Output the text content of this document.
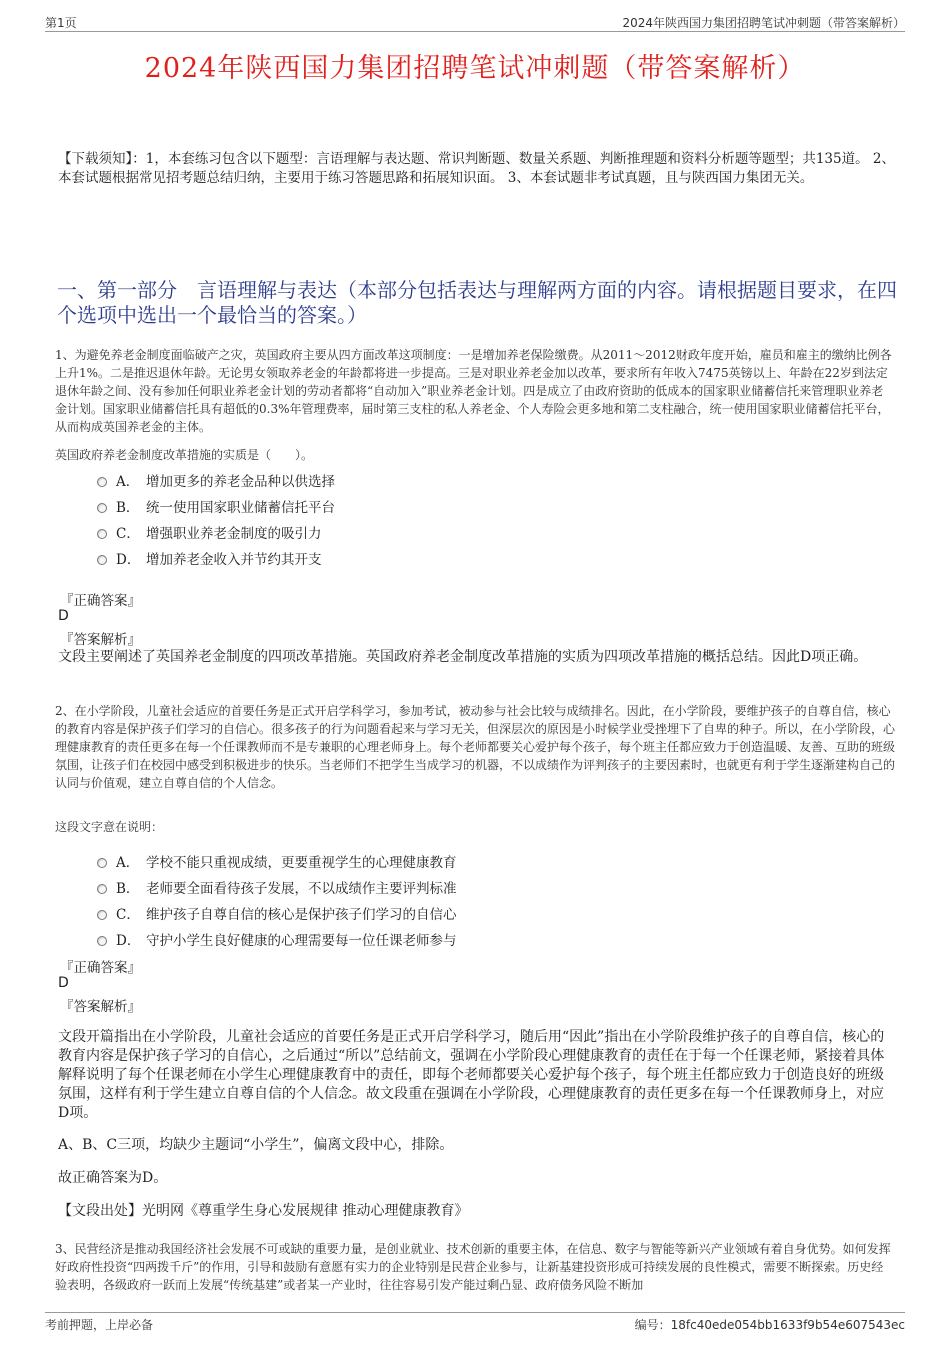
第1页	2024年陕西国力集团招聘笔试冲刺题（带答案解析）
2024年陕西国力集团招聘笔试冲刺题（带答案解析）
【下载须知】：1，本套练习包含以下题型：言语理解与表达题、常识判断题、数量关系题、判断推理题和资料分析题等题型；共135道。 2、本套试题根据常见招考题总结归纳，主要用于练习答题思路和拓展知识面。 3、本套试题非考试真题，且与陕西国力集团无关。
一、第一部分　言语理解与表达（本部分包括表达与理解两方面的内容。请根据题目要求，在四个选项中选出一个最恰当的答案。）
1、为避免养老金制度面临破产之灾，英国政府主要从四方面改革这项制度：一是增加养老保险缴费。从2011～2012财政年度开始，雇员和雇主的缴纳比例各上升1%。二是推迟退休年龄。无论男女领取养老金的年龄都将进一步提高。三是对职业养老金加以改革，要求所有年收入7475英镑以上、年龄在22岁到法定退休年龄之间、没有参加任何职业养老金计划的劳动者都将“自动加入”职业养老金计划。四是成立了由政府资助的低成本的国家职业储蓄信托来管理职业养老金计划。国家职业储蓄信托具有超低的0.3%年管理费率，届时第三支柱的私人养老金、个人寿险会更多地和第二支柱融合，统一使用国家职业储蓄信托平台，从而构成英国养老金的主体。
英国政府养老金制度改革措施的实质是（　　）。
A． 增加更多的养老金品种以供选择
B． 统一使用国家职业储蓄信托平台
C． 增强职业养老金制度的吸引力
D． 增加养老金收入并节约其开支
『正确答案』
D
『答案解析』
文段主要阐述了英国养老金制度的四项改革措施。英国政府养老金制度改革措施的实质为四项改革措施的概括总结。因此D项正确。
2、在小学阶段，儿童社会适应的首要任务是正式开启学科学习，参加考试，被动参与社会比较与成绩排名。因此，在小学阶段，要维护孩子的自尊自信，核心的教育内容是保护孩子们学习的自信心。很多孩子的行为问题看起来与学习无关，但深层次的原因是小时候学业受挫埋下了自卑的种子。所以，在小学阶段，心理健康教育的责任更多在每一个任课教师而不是专兼职的心理老师身上。每个老师都要关心爱护每个孩子，每个班主任都应致力于创造温暖、友善、互助的班级氛围，让孩子们在校园中感受到积极进步的快乐。当老师们不把学生当成学习的机器，不以成绩作为评判孩子的主要因素时，也就更有利于学生逐渐建构自己的认同与价值观，建立自尊自信的个人信念。
这段文字意在说明：
A． 学校不能只重视成绩，更要重视学生的心理健康教育
B． 老师要全面看待孩子发展，不以成绩作主要评判标准
C． 维护孩子自尊自信的核心是保护孩子们学习的自信心
D． 守护小学生良好健康的心理需要每一位任课老师参与
『正确答案』
D
『答案解析』
文段开篇指出在小学阶段，儿童社会适应的首要任务是正式开启学科学习，随后用“因此”指出在小学阶段维护孩子的自尊自信，核心的教育内容是保护孩子学习的自信心，之后通过“所以”总结前文，强调在小学阶段心理健康教育的责任在于每一个任课老师，紧接着具体解释说明了每个任课老师在小学生心理健康教育中的责任，即每个老师都要关心爱护每个孩子，每个班主任都应致力于创造良好的班级氛围，这样有利于学生建立自尊自信的个人信念。故文段重在强调在小学阶段，心理健康教育的责任更多在每一个任课教师身上，对应D项。
A、B、C三项，均缺少主题词“小学生”，偏离文段中心，排除。
故正确答案为D。
【文段出处】光明网《尊重学生身心发展规律 推动心理健康教育》
3、民营经济是推动我国经济社会发展不可或缺的重要力量，是创业就业、技术创新的重要主体，在信息、数字与智能等新兴产业领域有着自身优势。如何发挥好政府性投资“四两拨千斤”的作用，引导和鼓励有意愿有实力的企业特别是民营企业参与，让新基建投资形成可持续发展的良性模式，需要不断探索。历史经验表明，各级政府一跃而上发展“传统基建”或者某一产业时，往往容易引发产能过剩凸显、政府债务风险不断加
考前押题，上岸必备	编号：18fc40ede054bb1633f9b54e607543ec
